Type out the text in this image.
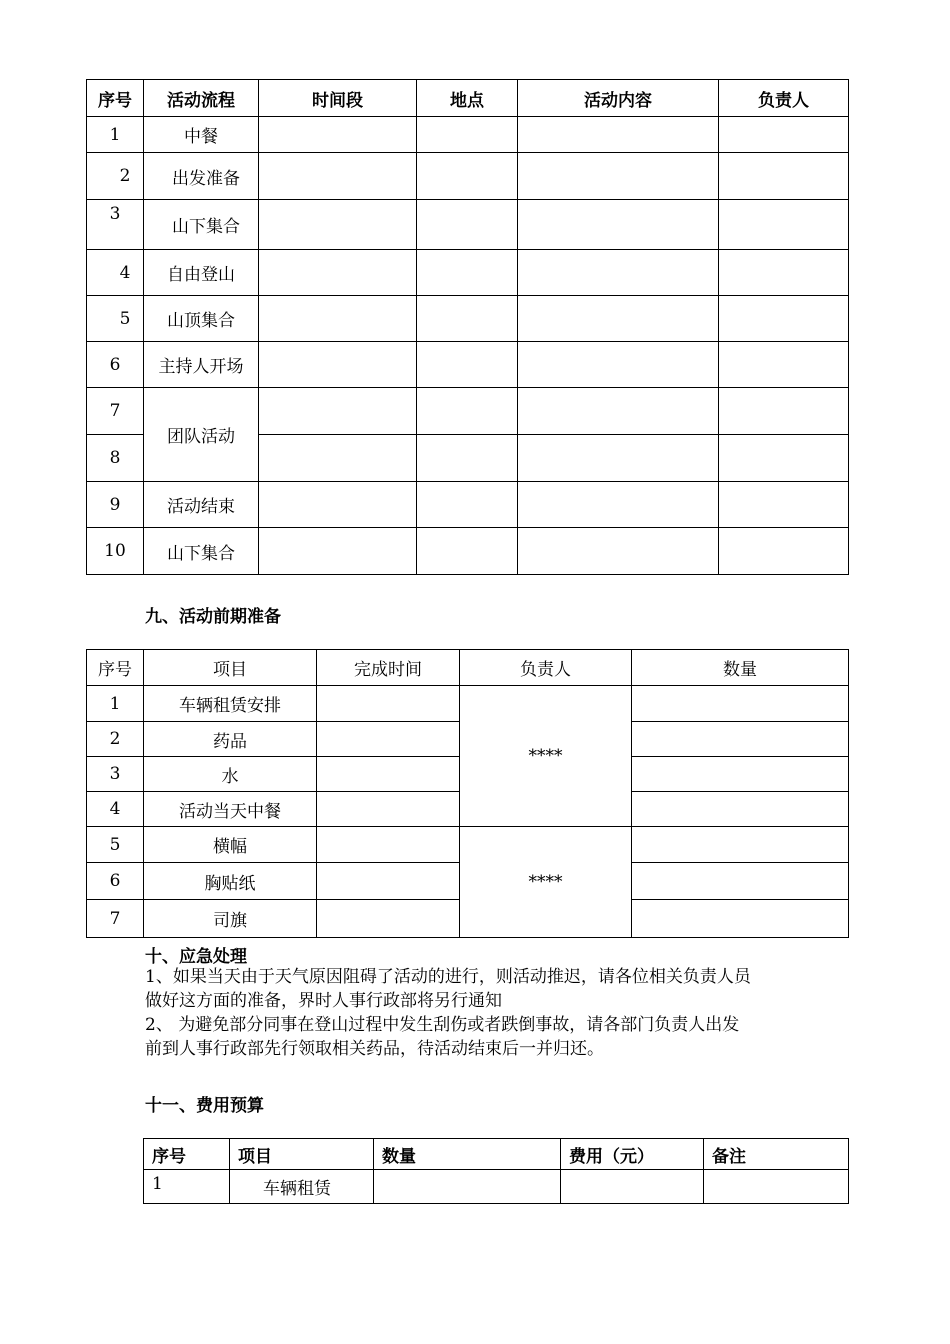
序号	活动流程	时间段	地点	活动内容	负责人
1	中餐				
2	出发准备				
3	山下集合				
4	自由登山				
5	山顶集合				
6	主持人开场				
7	团队活动				
8					
9	活动结束				
10	山下集合				
九、活动前期准备
序号	项目	完成时间	负责人	数量
1	车辆租赁安排		****	
2	药品			
3	水			
4	活动当天中餐			
5	横幅		****	
6	胸贴纸			
7	司旗			
十、应急处理
1、如果当天由于天气原因阻碍了活动的进行，则活动推迟，请各位相关负责人员
做好这方面的准备，界时人事行政部将另行通知
2、 为避免部分同事在登山过程中发生刮伤或者跌倒事故，请各部门负责人出发
前到人事行政部先行领取相关药品，待活动结束后一并归还。
十一、费用预算
序号	项目	数量	费用（元）	备注
1	车辆租赁			
